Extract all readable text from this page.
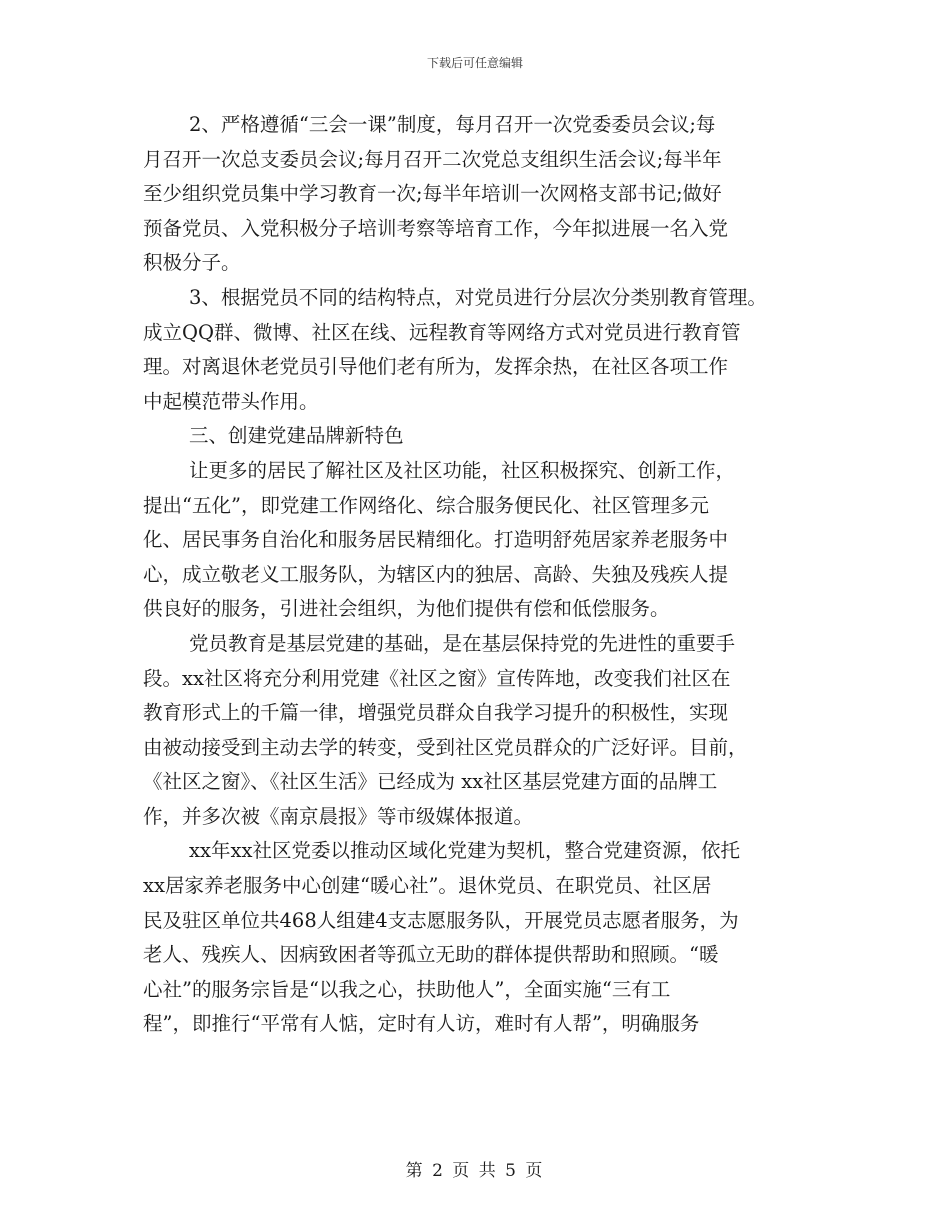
下载后可任意编辑
2、严格遵循“三会一课”制度，每月召开一次党委委员会议;每
月召开一次总支委员会议;每月召开二次党总支组织生活会议;每半年
至少组织党员集中学习教育一次;每半年培训一次网格支部书记;做好
预备党员、入党积极分子培训考察等培育工作，今年拟进展一名入党
积极分子。
3、根据党员不同的结构特点，对党员进行分层次分类别教育管理。
成立QQ群、微博、社区在线、远程教育等网络方式对党员进行教育管
理。对离退休老党员引导他们老有所为，发挥余热，在社区各项工作
中起模范带头作用。
三、创建党建品牌新特色
让更多的居民了解社区及社区功能，社区积极探究、创新工作，
提出“五化”，即党建工作网络化、综合服务便民化、社区管理多元
化、居民事务自治化和服务居民精细化。打造明舒苑居家养老服务中
心，成立敬老义工服务队，为辖区内的独居、高龄、失独及残疾人提
供良好的服务，引进社会组织，为他们提供有偿和低偿服务。
党员教育是基层党建的基础，是在基层保持党的先进性的重要手
段。xx社区将充分利用党建《社区之窗》宣传阵地，改变我们社区在
教育形式上的千篇一律，增强党员群众自我学习提升的积极性，实现
由被动接受到主动去学的转变，受到社区党员群众的广泛好评。目前，
《社区之窗》、《社区生活》已经成为 xx社区基层党建方面的品牌工
作，并多次被《南京晨报》等市级媒体报道。
xx年xx社区党委以推动区域化党建为契机，整合党建资源，依托
xx居家养老服务中心创建“暖心社”。退休党员、在职党员、社区居
民及驻区单位共468人组建4支志愿服务队，开展党员志愿者服务，为
老人、残疾人、因病致困者等孤立无助的群体提供帮助和照顾。“暖
心社”的服务宗旨是“以我之心，扶助他人”，全面实施“三有工
程”，即推行“平常有人惦，定时有人访，难时有人帮”，明确服务
第 2 页 共 5 页
